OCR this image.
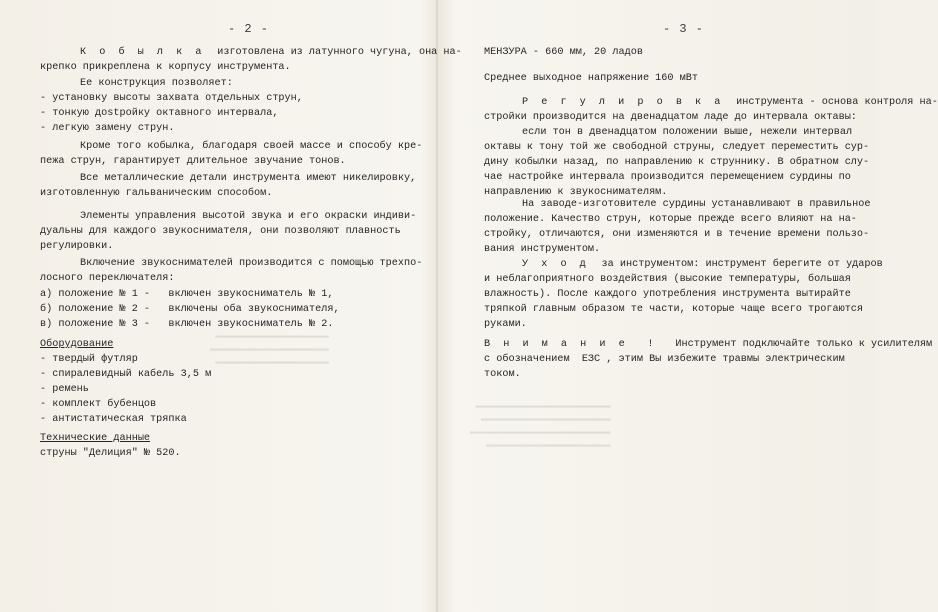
▬▬▬▬▬▬▬▬▬▬▬▬▬▬▬▬▬▬▬▬▬
▬▬▬▬▬▬▬▬▬▬▬▬▬▬▬▬▬▬▬▬▬▬
▬▬▬▬▬▬▬▬▬▬▬▬▬▬▬▬▬▬▬▬▬
▬▬▬▬▬▬▬▬▬▬▬▬▬▬▬▬▬▬▬▬▬▬▬▬▬
▬▬▬▬▬▬▬▬▬▬▬▬▬▬▬▬▬▬▬▬▬▬▬▬
▬▬▬▬▬▬▬▬▬▬▬▬▬▬▬▬▬▬▬▬▬▬▬▬▬▬
▬▬▬▬▬▬▬▬▬▬▬▬▬▬▬▬▬▬▬▬▬▬▬
- 2 -
К о б ы л к а  изготовлена из латунного чугуна, она на-
крепко прикреплена к корпусу инструмента.
Ее конструкция позволяет:
- установку высоты захвата отдельных струн,
- тонкую доstройку октавного интервала,
- легкую замену струн.
Кроме того кобылка, благодаря своей массе и способу кре-
пежа струн, гарантирует длительное звучание тонов.
Все металлические детали инструмента имеют никелировку,
изготовленную гальваническим способом.
Элементы управления высотой звука и его окраски индиви-
дуальны для каждого звукоснимателя, они позволяют плавность
регулировки.
Включение звукоснимателей производится с помощью трехпо-
лосного переключателя:
а) положение № 1 -   включен звукосниматель № 1,
б) положение № 2 -   включены оба звукоснимателя,
в) положение № 3 -   включен звукосниматель № 2.
Оборудование
- твердый футляр
- спиралевидный кабель 3,5 м
- ремень
- комплект бубенцов
- антистатическая тряпка
Технические данные
струны "Делиция" № 520.
- 3 -
МЕНЗУРА - 660 мм, 20 ладов
Среднее выходное напряжение 160 мВт
Р е г у л и р о в к а  инструмента - основа контроля на-
стройки производится на двенадцатом ладе до интервала октавы:
если тон в двенадцатом положении выше, нежели интервал
октавы к тону той же свободной струны, следует переместить сур-
дину кобылки назад, по направлению к струннику. В обратном слу-
чае настройке интервала производится перемещением сурдины по
направлению к звукоснимателям.
На заводе-изготовителе сурдины устанавливают в правильное
положение. Качество струн, которые прежде всего влияют на на-
стройку, отличаются, они изменяются и в течение времени пользо-
вания инструментом.
У х о д  за инструментом: инструмент берегите от ударов
и неблагоприятного воздействия (высокие температуры, большая
влажность). После каждого употребления инструмента вытирайте
тряпкой главным образом те части, которые чаще всего трогаются
руками.
В н и м а н и е  !   Инструмент подключайте только к усилителям
с обозначением  ЕЗС , этим Вы избежите травмы электрическим
током.
